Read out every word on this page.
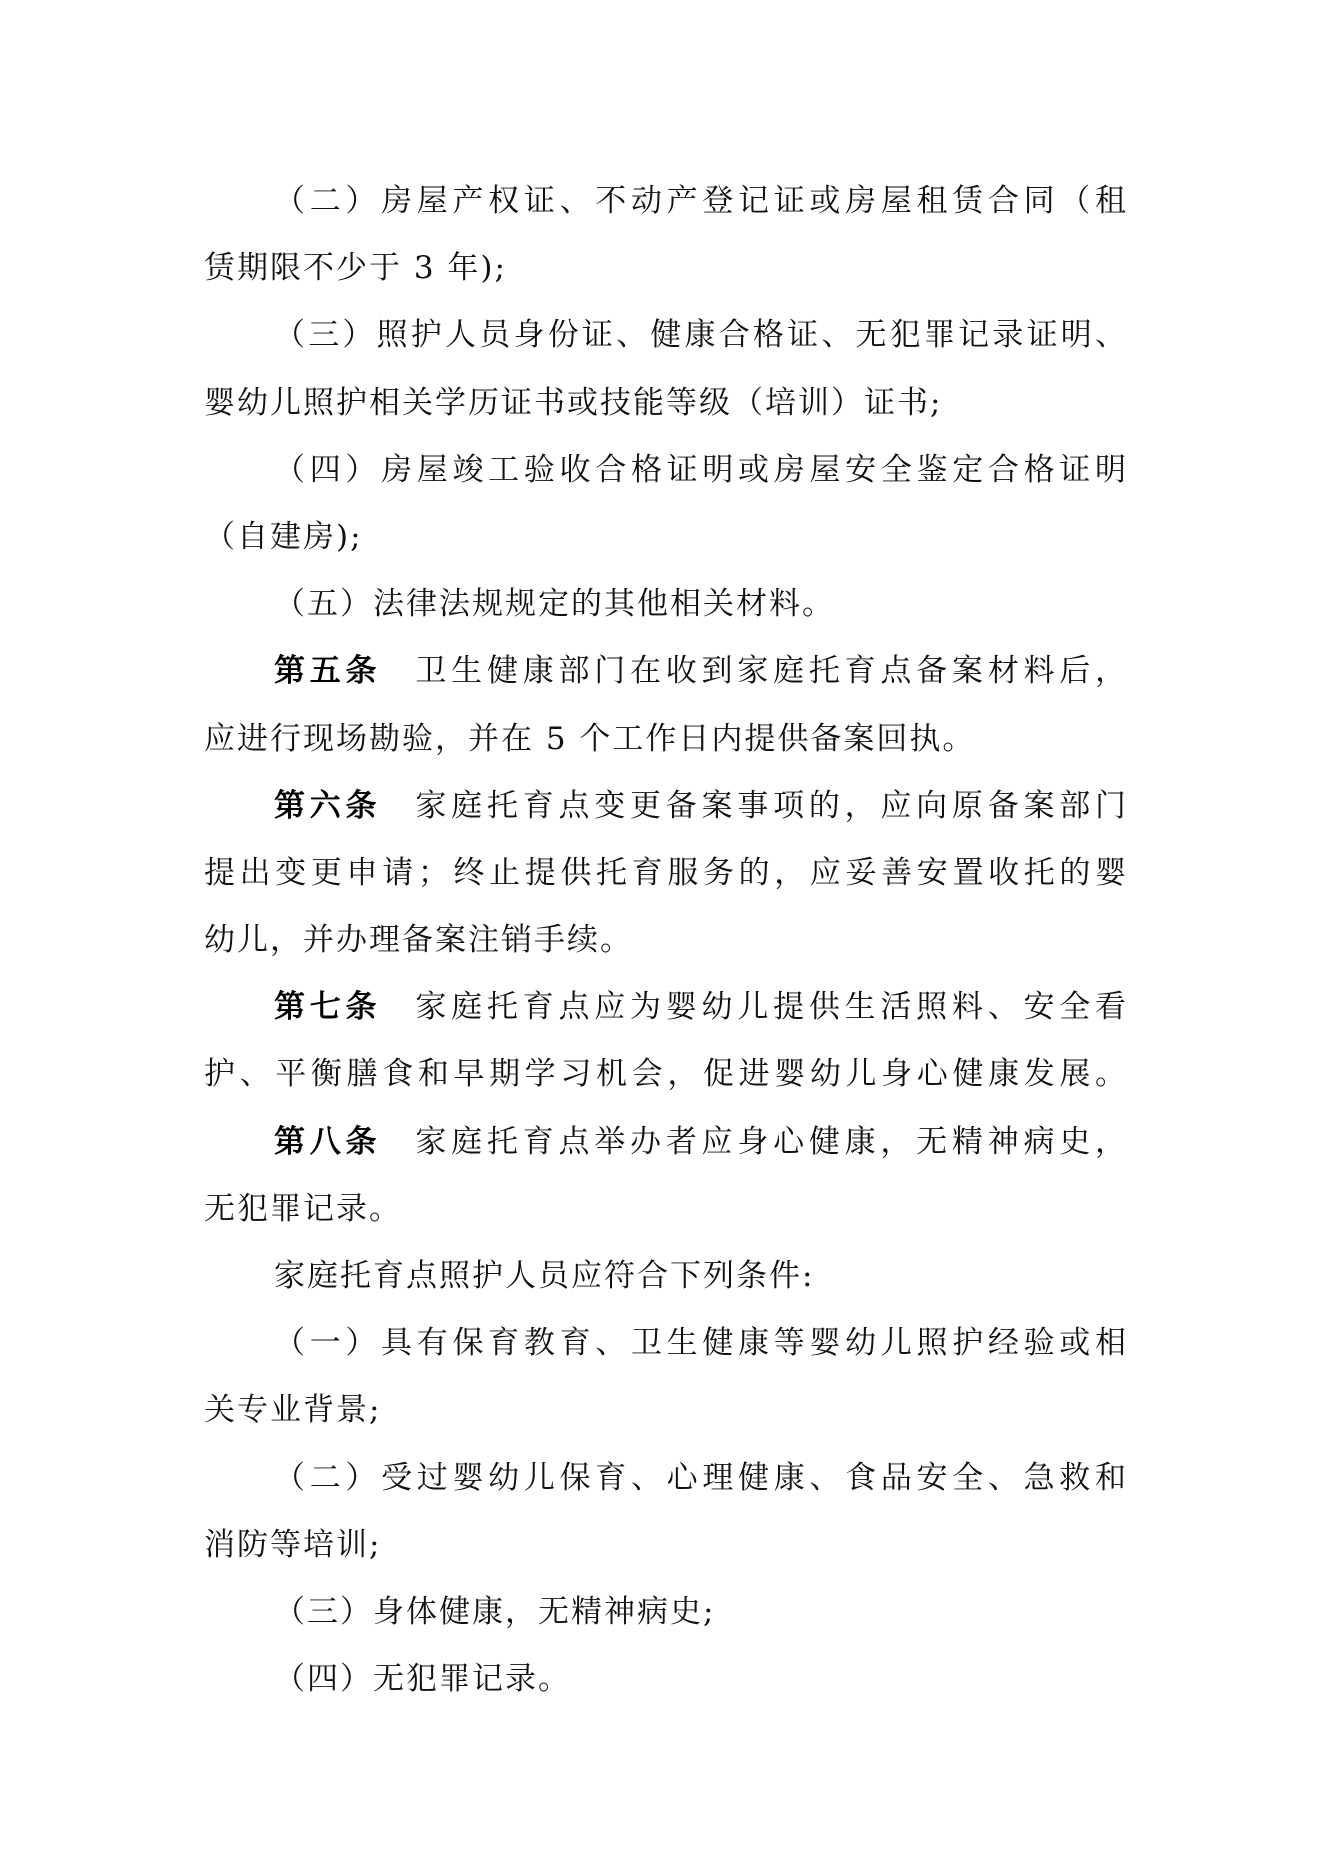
（二）房屋产权证、不动产登记证或房屋租赁合同（租
赁期限不少于 3 年);
（三）照护人员身份证、健康合格证、无犯罪记录证明、
婴幼儿照护相关学历证书或技能等级（培训）证书;
（四）房屋竣工验收合格证明或房屋安全鉴定合格证明
（自建房);
（五）法律法规规定的其他相关材料。
第五条 卫生健康部门在收到家庭托育点备案材料后，
应进行现场勘验，并在 5 个工作日内提供备案回执。
第六条 家庭托育点变更备案事项的，应向原备案部门
提出变更申请；终止提供托育服务的，应妥善安置收托的婴
幼儿，并办理备案注销手续。
第七条 家庭托育点应为婴幼儿提供生活照料、安全看
护、平衡膳食和早期学习机会，促进婴幼儿身心健康发展。
第八条 家庭托育点举办者应身心健康，无精神病史，
无犯罪记录。
家庭托育点照护人员应符合下列条件:
（一）具有保育教育、卫生健康等婴幼儿照护经验或相
关专业背景;
（二）受过婴幼儿保育、心理健康、食品安全、急救和
消防等培训;
（三）身体健康，无精神病史;
（四）无犯罪记录。
